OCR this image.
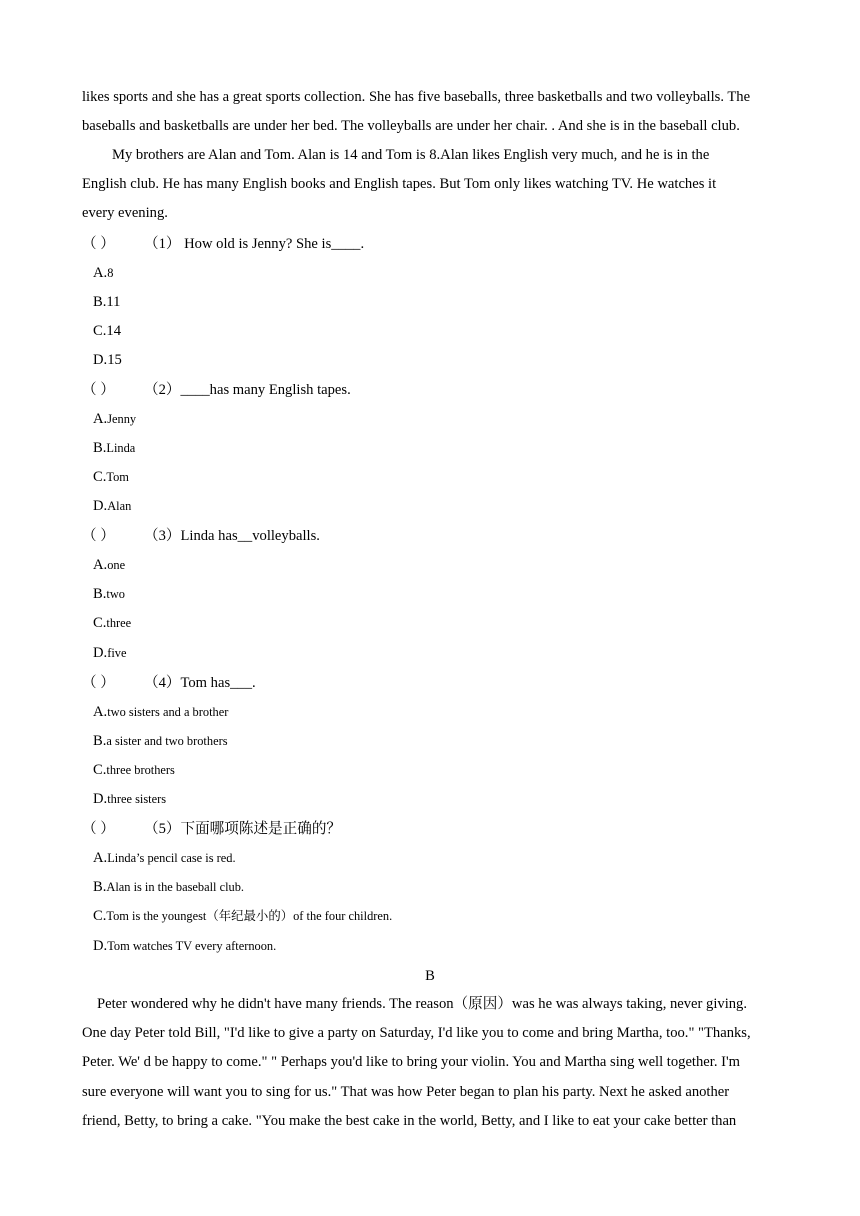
likes sports and she has a great sports collection. She has five baseballs, three basketballs and two volleyballs. The
baseballs and basketballs are under her bed. The volleyballs are under her chair. . And she is in the baseball club.

My brothers are Alan and Tom. Alan is 14 and Tom is 8.Alan likes English very much, and he is in the
English club. He has many English books and English tapes. But Tom only likes watching TV. He watches it
every evening.

（ ） （1） How old is Jenny? She is____.

A.8

B.11

C.14

D.15

（ ） （2）____has many English tapes.

A.Jenny

B.Linda

C.Tom

D.Alan

（ ） （3）Linda has__volleyballs.

A.one

B.two

C.three

D.five

（ ） （4）Tom has___.

A.two sisters and a brother

B.a sister and two brothers

C.three brothers

D.three sisters

（ ） （5）下面哪项陈述是正确的？

A.Linda’s pencil case is red.

B.Alan is in the baseball club.

C.Tom is the youngest（年纪最小的）of the four children.

D.Tom watches TV every afternoon.

B

Peter wondered why he didn't have many friends. The reason（原因）was he was always taking, never giving.
One day Peter told Bill, "I'd like to give a party on Saturday, I'd like you to come and bring Martha, too." "Thanks,
Peter. We' d be happy to come." " Perhaps you'd like to bring your violin. You and Martha sing well together. I'm
sure everyone will want you to sing for us." That was how Peter began to plan his party. Next he asked another
friend, Betty, to bring a cake. "You make the best cake in the world, Betty, and I like to eat your cake better than
